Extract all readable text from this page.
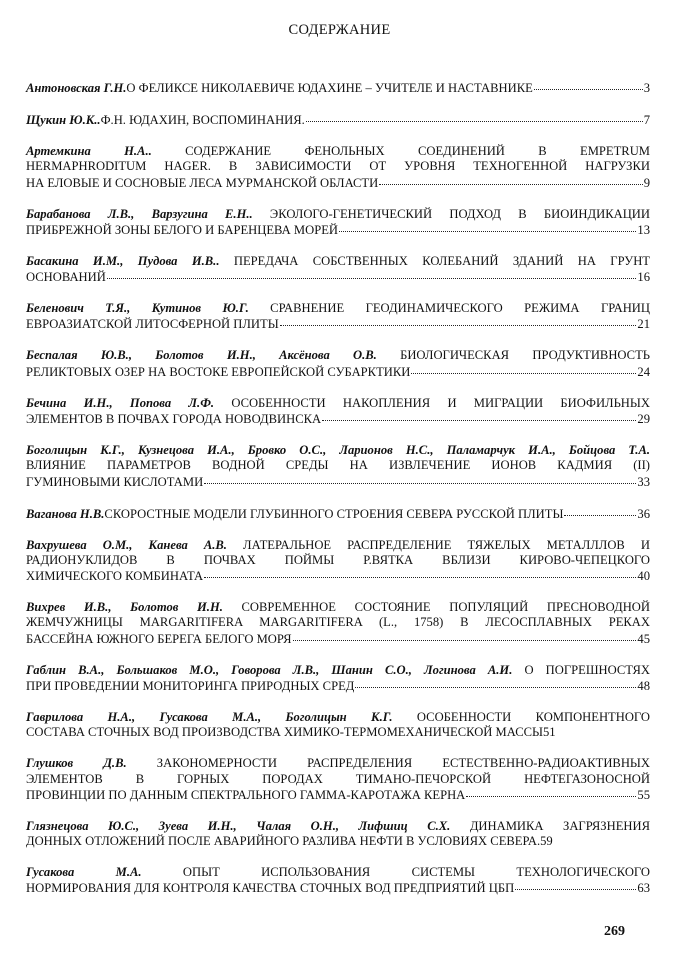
СОДЕРЖАНИЕ
Антоновская Г.Н. О ФЕЛИКСЕ НИКОЛАЕВИЧЕ ЮДАХИНЕ – УЧИТЕЛЕ И НАСТАВНИКЕ	3
Щукин Ю.К.. Ф.Н. ЮДАХИН, ВОСПОМИНАНИЯ.	7
Артемкина Н.А.. СОДЕРЖАНИЕ ФЕНОЛЬНЫХ СОЕДИНЕНИЙ В EMPETRUM
HERMAPHRODITUM HAGER. В ЗАВИСИМОСТИ ОТ УРОВНЯ ТЕХНОГЕННОЙ НАГРУЗКИ
НА ЕЛОВЫЕ И СОСНОВЫЕ ЛЕСА МУРМАНСКОЙ ОБЛАСТИ	9
Барабанова Л.В., Варзугина Е.Н.. ЭКОЛОГО-ГЕНЕТИЧЕСКИЙ ПОДХОД В БИОИНДИКАЦИИ
ПРИБРЕЖНОЙ ЗОНЫ БЕЛОГО И БАРЕНЦЕВА МОРЕЙ	13
Басакина И.М., Пудова И.В.. ПЕРЕДАЧА СОБСТВЕННЫХ КОЛЕБАНИЙ ЗДАНИЙ НА ГРУНТ
ОСНОВАНИЙ	16
Беленович Т.Я., Кутинов Ю.Г. СРАВНЕНИЕ ГЕОДИНАМИЧЕСКОГО РЕЖИМА ГРАНИЦ
ЕВРОАЗИАТСКОЙ ЛИТОСФЕРНОЙ ПЛИТЫ	21
Беспалая Ю.В., Болотов И.Н., Аксёнова О.В. БИОЛОГИЧЕСКАЯ ПРОДУКТИВНОСТЬ
РЕЛИКТОВЫХ ОЗЕР НА ВОСТОКЕ ЕВРОПЕЙСКОЙ СУБАРКТИКИ	24
Бечина И.Н., Попова Л.Ф. ОСОБЕННОСТИ НАКОПЛЕНИЯ И МИГРАЦИИ БИОФИЛЬНЫХ
ЭЛЕМЕНТОВ В ПОЧВАХ ГОРОДА НОВОДВИНСКА	29
Боголицын К.Г., Кузнецова И.А., Бровко О.С., Ларионов Н.С., Паламарчук И.А., Бойцова Т.А.
ВЛИЯНИЕ ПАРАМЕТРОВ ВОДНОЙ СРЕДЫ НА ИЗВЛЕЧЕНИЕ ИОНОВ КАДМИЯ (II)
ГУМИНОВЫМИ КИСЛОТАМИ	33
Ваганова Н.В. СКОРОСТНЫЕ МОДЕЛИ ГЛУБИННОГО СТРОЕНИЯ СЕВЕРА РУССКОЙ ПЛИТЫ	36
Вахрушева О.М., Канева А.В. ЛАТЕРАЛЬНОЕ РАСПРЕДЕЛЕНИЕ ТЯЖЕЛЫХ МЕТАЛЛЛОВ И
РАДИОНУКЛИДОВ В ПОЧВАХ ПОЙМЫ Р.ВЯТКА ВБЛИЗИ КИРОВО-ЧЕПЕЦКОГО
ХИМИЧЕСКОГО КОМБИНАТА	40
Вихрев И.В., Болотов И.Н. СОВРЕМЕННОЕ СОСТОЯНИЕ ПОПУЛЯЦИЙ ПРЕСНОВОДНОЙ
ЖЕМЧУЖНИЦЫ MARGARITIFERA MARGARITIFERA (L., 1758) В ЛЕСОСПЛАВНЫХ РЕКАХ
БАССЕЙНА ЮЖНОГО БЕРЕГА БЕЛОГО МОРЯ	45
Габлин В.А., Большаков М.О., Говорова Л.В., Шанин С.О., Логинова А.И. О ПОГРЕШНОСТЯХ
ПРИ ПРОВЕДЕНИИ МОНИТОРИНГА ПРИРОДНЫХ СРЕД	48
Гаврилова Н.А., Гусакова М.А., Боголицын К.Г. ОСОБЕННОСТИ КОМПОНЕНТНОГО
СОСТАВА СТОЧНЫХ ВОД ПРОИЗВОДСТВА ХИМИКО-ТЕРМОМЕХАНИЧЕСКОЙ МАССЫ 51
Глушков Д.В. ЗАКОНОМЕРНОСТИ РАСПРЕДЕЛЕНИЯ ЕСТЕСТВЕННО-РАДИОАКТИВНЫХ
ЭЛЕМЕНТОВ В ГОРНЫХ ПОРОДАХ ТИМАНО-ПЕЧОРСКОЙ НЕФТЕГАЗОНОСНОЙ
ПРОВИНЦИИ ПО ДАННЫМ СПЕКТРАЛЬНОГО ГАММА-КАРОТАЖА КЕРНА	55
Глязнецова Ю.С., Зуева И.Н., Чалая О.Н., Лифшиц С.Х. ДИНАМИКА ЗАГРЯЗНЕНИЯ
ДОННЫХ ОТЛОЖЕНИЙ ПОСЛЕ АВАРИЙНОГО РАЗЛИВА НЕФТИ В УСЛОВИЯХ СЕВЕРА. 59
Гусакова М.А. ОПЫТ ИСПОЛЬЗОВАНИЯ СИСТЕМЫ ТЕХНОЛОГИЧЕСКОГО
НОРМИРОВАНИЯ ДЛЯ КОНТРОЛЯ КАЧЕСТВА СТОЧНЫХ ВОД ПРЕДПРИЯТИЙ ЦБП	63
269
